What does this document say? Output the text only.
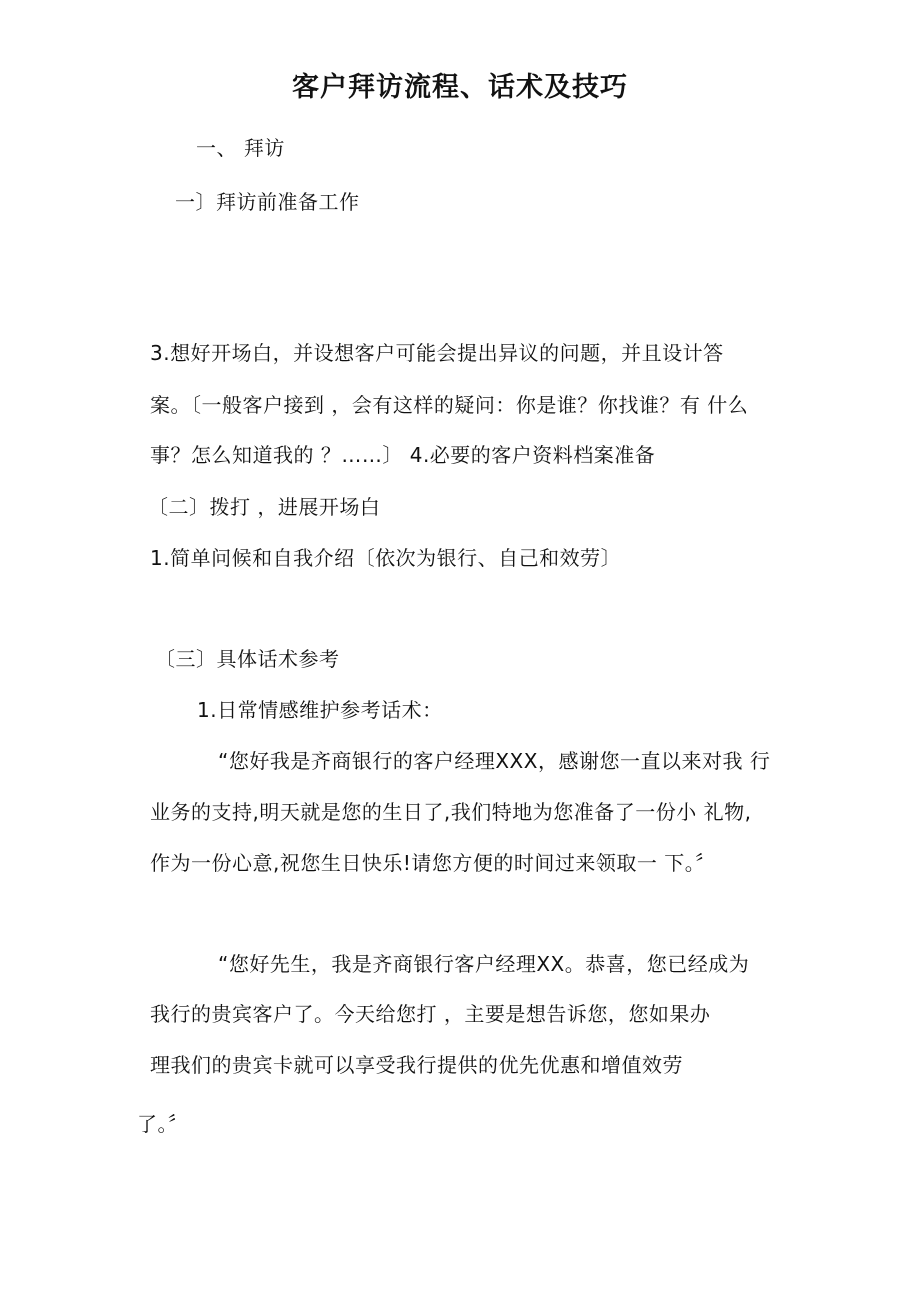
客户拜访流程、话术及技巧
一、 拜访
一〕拜访前准备工作
3.想好开场白，并设想客户可能会提出异议的问题，并且设计答
案。〔一般客户接到 ，会有这样的疑问：你是谁？你找谁？有 什么
事？怎么知道我的 ？……〕 4.必要的客户资料档案准备
〔二〕拨打 ，进展开场白
1.简单问候和自我介绍〔依次为银行、自己和效劳〕
〔三〕具体话术参考
1.日常情感维护参考话术：
“您好我是齐商银行的客户经理XXX，感谢您一直以来对我 行
业务的支持,明天就是您的生日了,我们特地为您准备了一份小 礼物,
作为一份心意,祝您生日快乐!请您方便的时间过来领取一 下。〞
“您好先生，我是齐商银行客户经理XX。恭喜，您已经成为
我行的贵宾客户了。今天给您打 ，主要是想告诉您，您如果办
理我们的贵宾卡就可以享受我行提供的优先优惠和增值效劳
了。〞
